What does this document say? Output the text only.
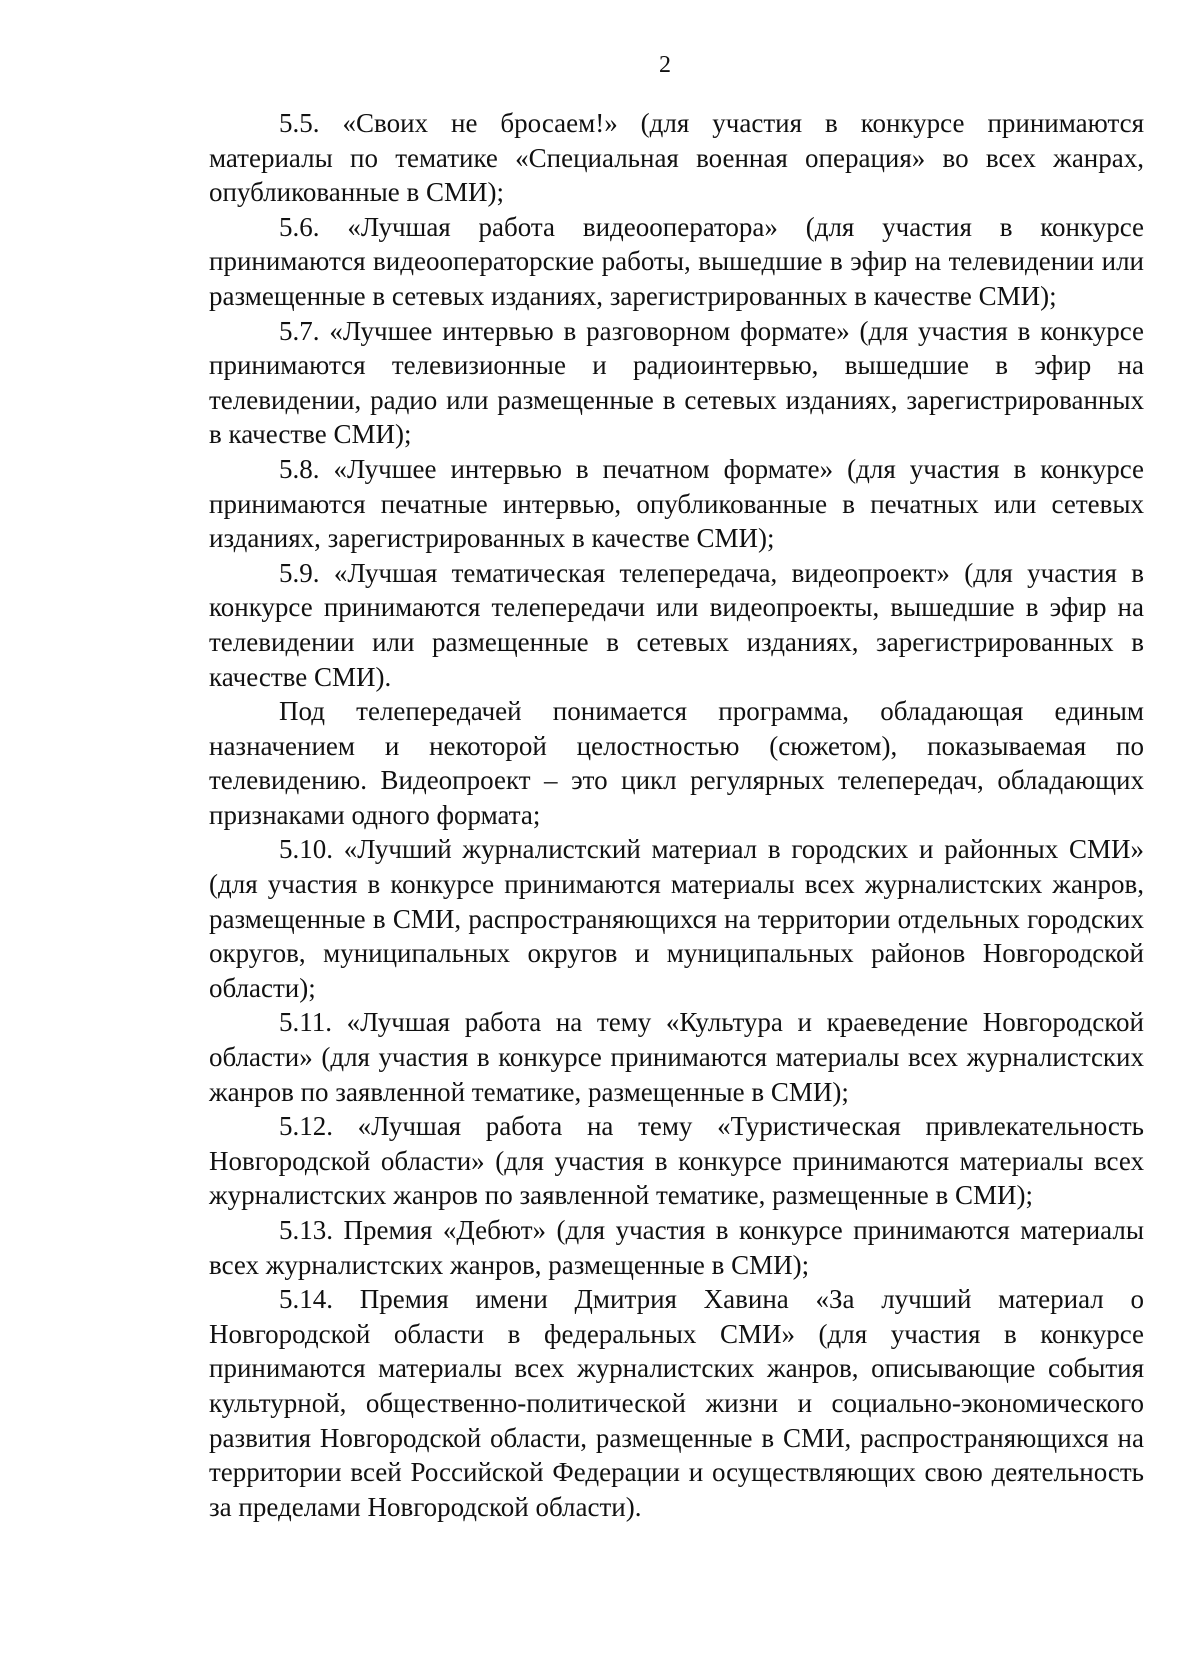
2

5.5. «Своих не бросаем!» (для участия в конкурсе принимаются материалы по тематике «Специальная военная операция» во всех жанрах, опубликованные в СМИ);

5.6. «Лучшая работа видеооператора» (для участия в конкурсе принимаются видеооператорские работы, вышедшие в эфир на телевидении или размещенные в сетевых изданиях, зарегистрированных в качестве СМИ);

5.7. «Лучшее интервью в разговорном формате» (для участия в конкурсе принимаются телевизионные и радиоинтервью, вышедшие в эфир на телевидении, радио или размещенные в сетевых изданиях, зарегистрированных в качестве СМИ);

5.8. «Лучшее интервью в печатном формате» (для участия в конкурсе принимаются печатные интервью, опубликованные в печатных или сетевых изданиях, зарегистрированных в качестве СМИ);

5.9. «Лучшая тематическая телепередача, видеопроект» (для участия в конкурсе принимаются телепередачи или видеопроекты, вышедшие в эфир на телевидении или размещенные в сетевых изданиях, зарегистрированных в качестве СМИ).

Под телепередачей понимается программа, обладающая единым назначением и некоторой целостностью (сюжетом), показываемая по телевидению. Видеопроект – это цикл регулярных телепередач, обладающих признаками одного формата;

5.10. «Лучший журналистский материал в городских и районных СМИ» (для участия в конкурсе принимаются материалы всех журналистских жанров, размещенные в СМИ, распространяющихся на территории отдельных городских округов, муниципальных округов и муниципальных районов Новгородской области);

5.11. «Лучшая работа на тему «Культура и краеведение Новгородской области» (для участия в конкурсе принимаются материалы всех журналистских жанров по заявленной тематике, размещенные в СМИ);

5.12. «Лучшая работа на тему «Туристическая привлекательность Новгородской области» (для участия в конкурсе принимаются материалы всех журналистских жанров по заявленной тематике, размещенные в СМИ);

5.13. Премия «Дебют» (для участия в конкурсе принимаются материалы всех журналистских жанров, размещенные в СМИ);

5.14. Премия имени Дмитрия Хавина «За лучший материал о Новгородской области в федеральных СМИ» (для участия в конкурсе принимаются материалы всех журналистских жанров, описывающие события культурной, общественно-политической жизни и социально-экономического развития Новгородской области, размещенные в СМИ, распространяющихся на территории всей Российской Федерации и осуществляющих свою деятельность за пределами Новгородской области).
